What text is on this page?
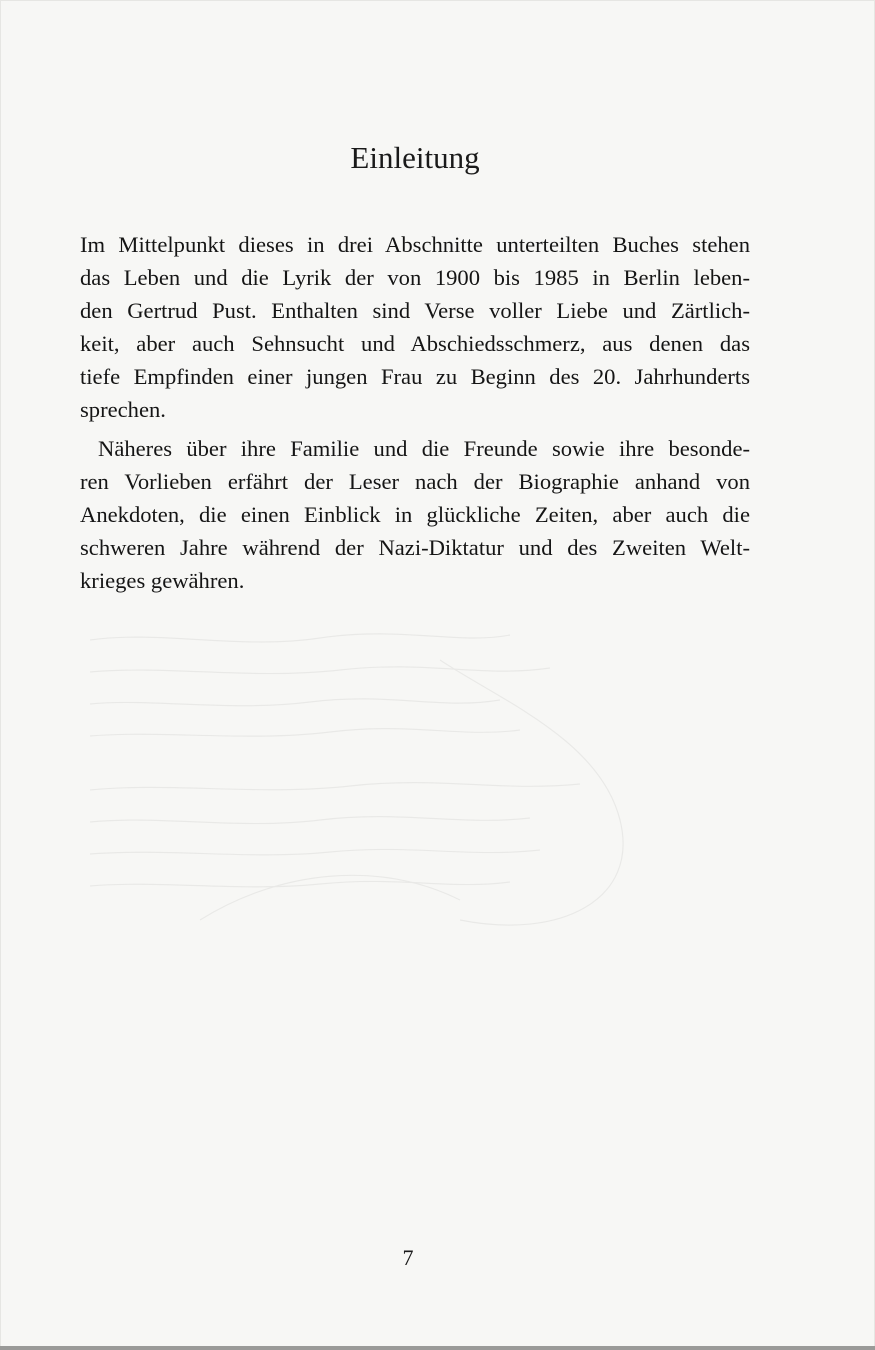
Einleitung

Im Mittelpunkt dieses in drei Abschnitte unterteilten Buches stehen
das Leben und die Lyrik der von 1900 bis 1985 in Berlin leben-
den Gertrud Pust. Enthalten sind Verse voller Liebe und Zärtlich-
keit, aber auch Sehnsucht und Abschiedsschmerz, aus denen das
tiefe Empfinden einer jungen Frau zu Beginn des 20. Jahrhunderts
sprechen.

Näheres über ihre Familie und die Freunde sowie ihre besonde-
ren Vorlieben erfährt der Leser nach der Biographie anhand von
Anekdoten, die einen Einblick in glückliche Zeiten, aber auch die
schweren Jahre während der Nazi-Diktatur und des Zweiten Welt-
krieges gewähren.

7
